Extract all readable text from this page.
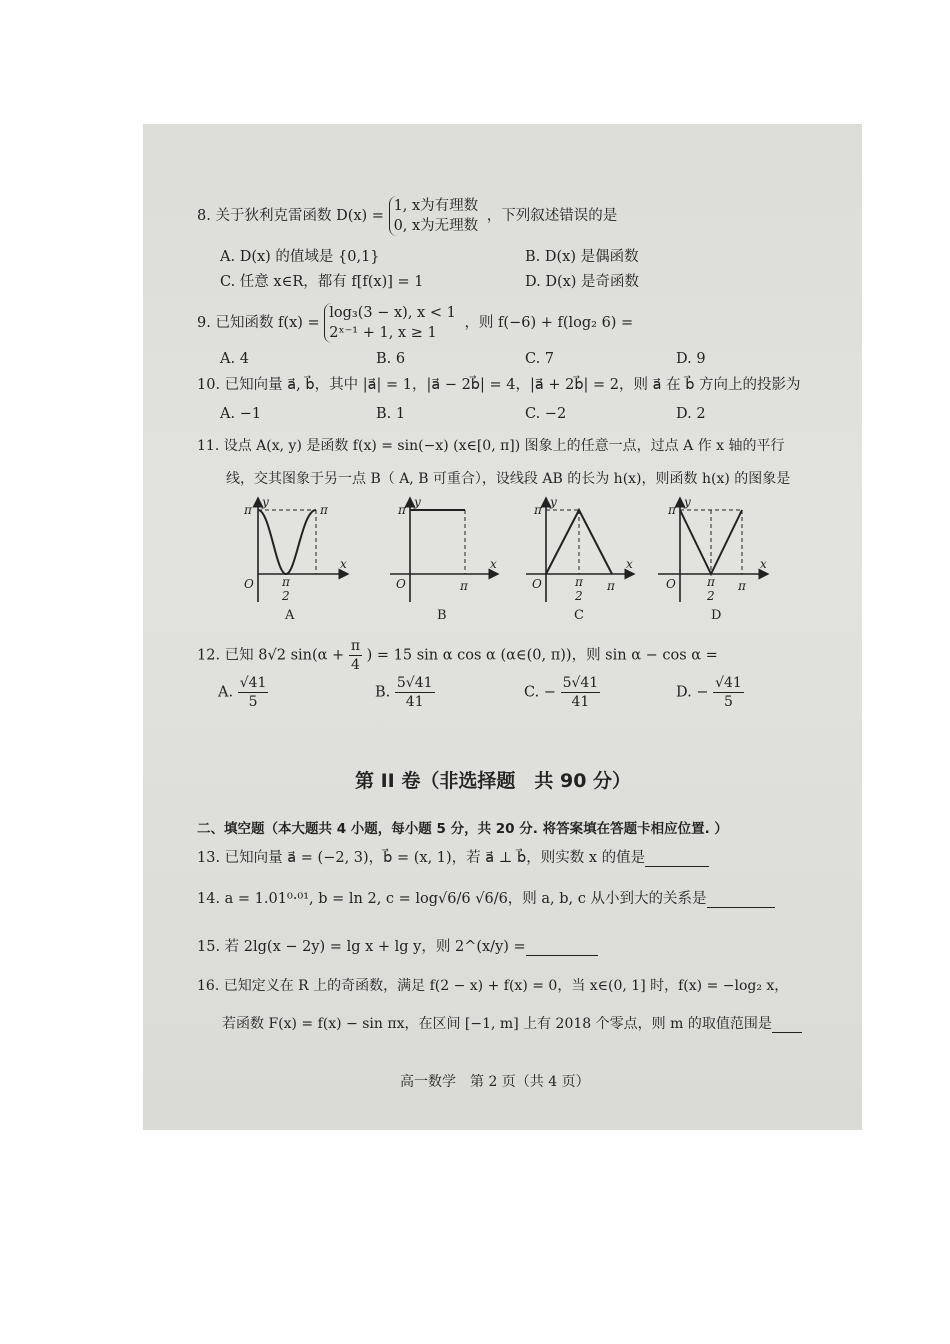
8. 关于狄利克雷函数 D(x) = 1, x为有理数
0, x为无理数 ，下列叙述错误的是
A. D(x) 的值域是 {0,1}	B. D(x) 是偶函数
C. 任意 x∈R，都有 f[f(x)] = 1	D. D(x) 是奇函数
9. 已知函数 f(x) = log₃(3 − x), x < 1
2ˣ⁻¹ + 1, x ≥ 1 ，则 f(−6) + f(log₂ 6) =
A. 4	B. 6	C. 7	D. 9
10. 已知向量 a⃗, b⃗，其中 |a⃗| = 1，|a⃗ − 2b⃗| = 4，|a⃗ + 2b⃗| = 2，则 a⃗ 在 b⃗ 方向上的投影为
A. −1	B. 1	C. −2	D. 2
11. 设点 A(x, y) 是函数 f(x) = sin(−x) (x∈[0, π]) 图象上的任意一点，过点 A 作 x 轴的平行
线，交其图象于另一点 B（ A, B 可重合），设线段 AB 的长为 h(x)，则函数 h(x) 的图象是
y
x
O
π	π
π
2
y
x
O
π
π
y
x
O
π
π
2
π
y
x
O
π
π
2
π
A	B	C	D
12. 已知 8√2 $\sin(\alpha + \frac{\pi}{4}$ ) = 15 sin α cos α (α∈(0, π))，则 sin α − cos α =
A. $\frac{√41}{5}$	B. $\frac{5√41}{41}$	C. − $\frac{5√41}{41}$	D. − $\frac{√41}{5}$
第 II 卷（非选择题　共 90 分）
二、填空题（本大题共 4 小题，每小题 5 分，共 20 分. 将答案填在答题卡相应位置. ）
13. 已知向量 a⃗ = (−2, 3)，b⃗ = (x, 1)，若 a⃗ ⊥ b⃗，则实数 x 的值是
14. a = 1.01⁰·⁰¹, b = ln 2, c = log√6/6 √6/6，则 a, b, c 从小到大的关系是
15. 若 2lg(x − 2y) = lg x + lg y，则 2^(x/y) =
16. 已知定义在 R 上的奇函数，满足 f(2 − x) + f(x) = 0，当 x∈(0, 1] 时，f(x) = −log₂ x，
若函数 F(x) = f(x) − sin πx，在区间 [−1, m] 上有 2018 个零点，则 m 的取值范围是
高一数学　第 2 页（共 4 页）
